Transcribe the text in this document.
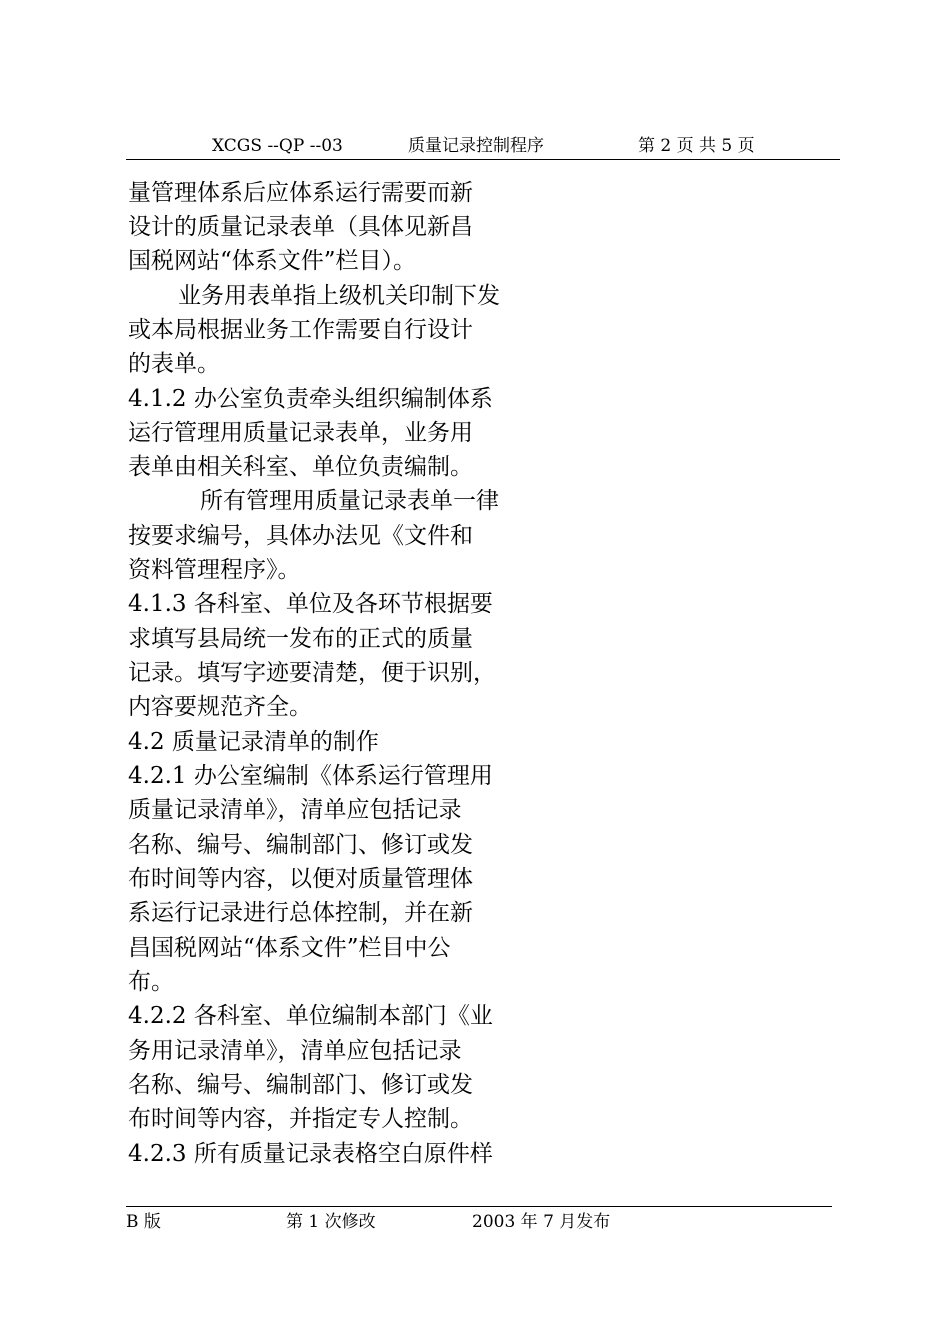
XCGS --QP --03	质量记录控制程序	第 2 页 共 5 页
量管理体系后应体系运行需要而新
设计的质量记录表单（具体见新昌
国税网站“体系文件”栏目）。
业务用表单指上级机关印制下发
或本局根据业务工作需要自行设计
的表单。
4.1.2 办公室负责牵头组织编制体系
运行管理用质量记录表单，业务用
表单由相关科室、单位负责编制。
所有管理用质量记录表单一律
按要求编号，具体办法见《文件和
资料管理程序》。
4.1.3 各科室、单位及各环节根据要
求填写县局统一发布的正式的质量
记录。填写字迹要清楚，便于识别，
内容要规范齐全。
4.2 质量记录清单的制作
4.2.1 办公室编制《体系运行管理用
质量记录清单》，清单应包括记录
名称、编号、编制部门、修订或发
布时间等内容，以便对质量管理体
系运行记录进行总体控制，并在新
昌国税网站“体系文件”栏目中公
布。
4.2.2 各科室、单位编制本部门《业
务用记录清单》，清单应包括记录
名称、编号、编制部门、修订或发
布时间等内容，并指定专人控制。
4.2.3 所有质量记录表格空白原件样
B 版	第 1 次修改	2003 年 7 月发布
